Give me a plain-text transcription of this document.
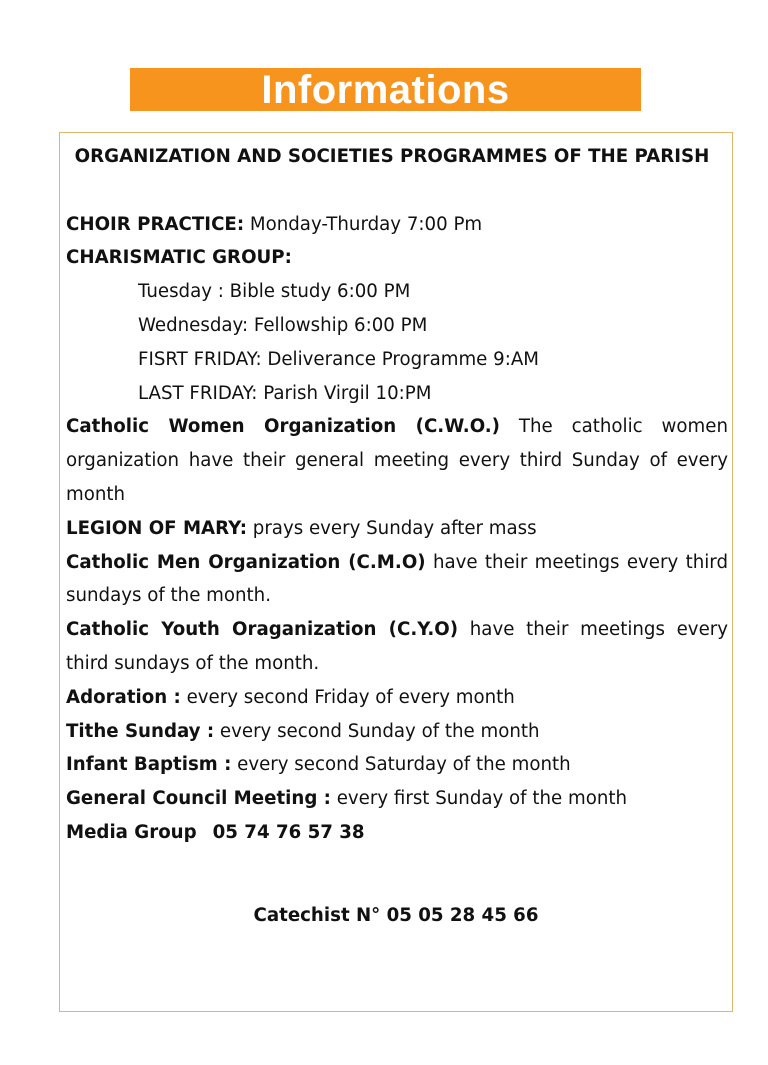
Informations

ORGANIZATION AND SOCIETIES PROGRAMMES OF THE PARISH

CHOIR PRACTICE: Monday-Thurday 7:00 Pm

CHARISMATIC GROUP:

Tuesday : Bible study 6:00 PM

Wednesday: Fellowship 6:00 PM

FISRT FRIDAY: Deliverance Programme 9:AM

LAST FRIDAY: Parish Virgil 10:PM

Catholic Women Organization (C.W.O.) The catholic women organization have their general meeting every third Sunday of every month

LEGION OF MARY: prays every Sunday after mass

Catholic Men Organization (C.M.O) have their meetings every third sundays of the month.

Catholic Youth Oraganization (C.Y.O) have their meetings every third sundays of the month.

Adoration : every second Friday of every month

Tithe Sunday : every second Sunday of the month

Infant Baptism : every second Saturday of the month

General Council Meeting : every first Sunday of the month

Media Group 05 74 76 57 38

Catechist N° 05 05 28 45 66
